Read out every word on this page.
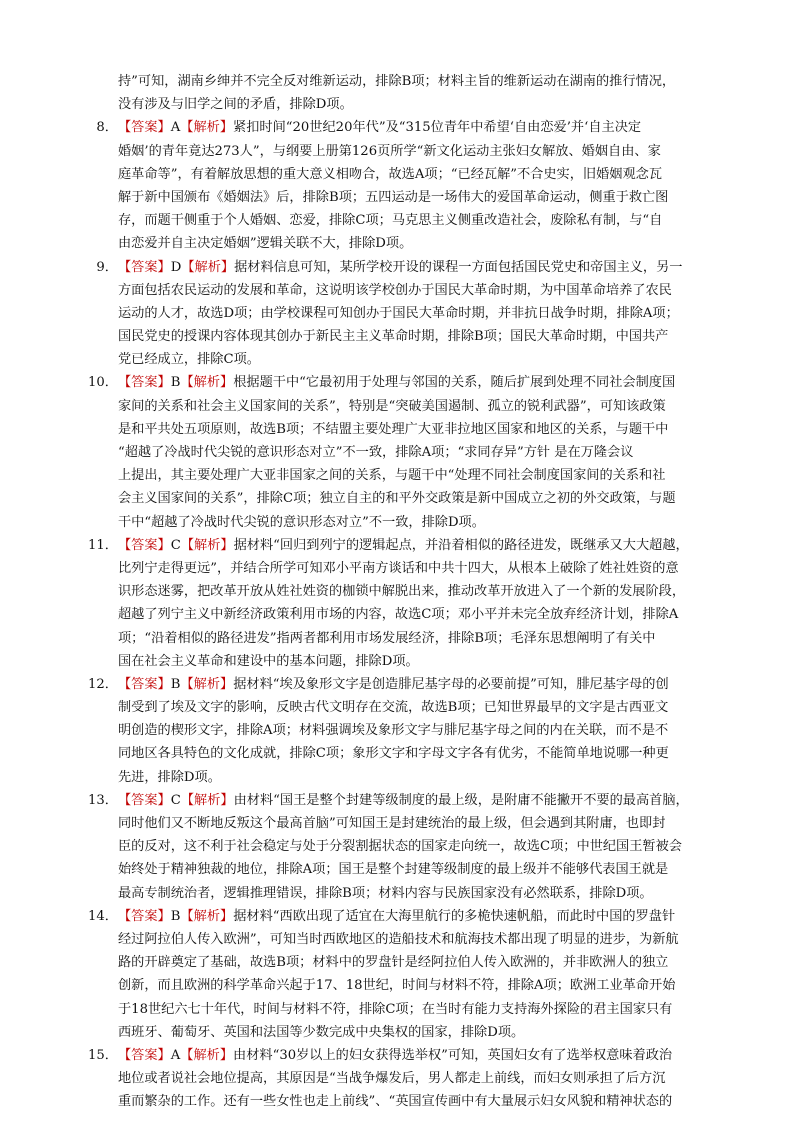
持”可知，湖南乡绅并不完全反对维新运动，排除B项；材料主旨的维新运动在湖南的推行情况，
没有涉及与旧学之间的矛盾，排除D项。
8．【答案】A【解析】紧扣时间“20世纪20年代”及“315位青年中希望‘自由恋爱’并‘自主决定
婚姻’的青年竟达273人”，与纲要上册第126页所学“新文化运动主张妇女解放、婚姻自由、家
庭革命等”，有着解放思想的重大意义相吻合，故选A项；“已经瓦解”不合史实，旧婚姻观念瓦
解于新中国颁布《婚姻法》后，排除B项；五四运动是一场伟大的爱国革命运动，侧重于救亡图
存，而题干侧重于个人婚姻、恋爱，排除C项；马克思主义侧重改造社会，废除私有制，与“自
由恋爱并自主决定婚姻”逻辑关联不大，排除D项。
9．【答案】D【解析】据材料信息可知，某所学校开设的课程一方面包括国民党史和帝国主义，另一
方面包括农民运动的发展和革命，这说明该学校创办于国民大革命时期，为中国革命培养了农民
运动的人才，故选D项；由学校课程可知创办于国民大革命时期，并非抗日战争时期，排除A项；
国民党史的授课内容体现其创办于新民主主义革命时期，排除B项；国民大革命时期，中国共产
党已经成立，排除C项。
10．【答案】B【解析】根据题干中“它最初用于处理与邻国的关系，随后扩展到处理不同社会制度国
家间的关系和社会主义国家间的关系”，特别是“突破美国遏制、孤立的锐利武器”，可知该政策
是和平共处五项原则，故选B项；不结盟主要处理广大亚非拉地区国家和地区的关系，与题干中
“超越了冷战时代尖锐的意识形态对立”不一致，排除A项；“求同存异”方针 是在万隆会议
上提出，其主要处理广大亚非国家之间的关系，与题干中“处理不同社会制度国家间的关系和社
会主义国家间的关系”，排除C项；独立自主的和平外交政策是新中国成立之初的外交政策，与题
干中“超越了冷战时代尖锐的意识形态对立”不一致，排除D项。
11．【答案】C【解析】据材料“回归到列宁的逻辑起点，并沿着相似的路径进发，既继承又大大超越，
比列宁走得更远”，并结合所学可知邓小平南方谈话和中共十四大，从根本上破除了姓社姓资的意
识形态迷雾，把改革开放从姓社姓资的枷锁中解脱出来，推动改革开放进入了一个新的发展阶段，
超越了列宁主义中新经济政策利用市场的内容，故选C项；邓小平并未完全放弃经济计划，排除A
项；“沿着相似的路径进发”指两者都利用市场发展经济，排除B项；毛泽东思想阐明了有关中
国在社会主义革命和建设中的基本问题，排除D项。
12．【答案】B【解析】据材料“埃及象形文字是创造腓尼基字母的必要前提”可知，腓尼基字母的创
制受到了埃及文字的影响，反映古代文明存在交流，故选B项；已知世界最早的文字是古西亚文
明创造的楔形文字，排除A项；材料强调埃及象形文字与腓尼基字母之间的内在关联，而不是不
同地区各具特色的文化成就，排除C项；象形文字和字母文字各有优劣，不能简单地说哪一种更
先进，排除D项。
13．【答案】C【解析】由材料“国王是整个封建等级制度的最上级，是附庸不能撇开不要的最高首脑，
同时他们又不断地反叛这个最高首脑”可知国王是封建统治的最上级，但会遇到其附庸，也即封
臣的反对，这不利于社会稳定与处于分裂割据状态的国家走向统一，故选C项；中世纪国王暂被会
始终处于精神独裁的地位，排除A项；国王是整个封建等级制度的最上级并不能够代表国王就是
最高专制统治者，逻辑推理错误，排除B项；材料内容与民族国家没有必然联系，排除D项。
14．【答案】B【解析】据材料“西欧出现了适宜在大海里航行的多桅快速帆船，而此时中国的罗盘针
经过阿拉伯人传入欧洲”，可知当时西欧地区的造船技术和航海技术都出现了明显的进步，为新航
路的开辟奠定了基础，故选B项；材料中的罗盘针是经阿拉伯人传入欧洲的，并非欧洲人的独立
创新，而且欧洲的科学革命兴起于17、18世纪，时间与材料不符，排除A项；欧洲工业革命开始
于18世纪六七十年代，时间与材料不符，排除C项；在当时有能力支持海外探险的君主国家只有
西班牙、葡萄牙、英国和法国等少数完成中央集权的国家，排除D项。
15．【答案】A【解析】由材料“30岁以上的妇女获得选举权”可知，英国妇女有了选举权意味着政治
地位或者说社会地位提高，其原因是“当战争爆发后，男人都走上前线，而妇女则承担了后方沉
重而繁杂的工作。还有一些女性也走上前线”、“英国宣传画中有大量展示妇女风貌和精神状态的
